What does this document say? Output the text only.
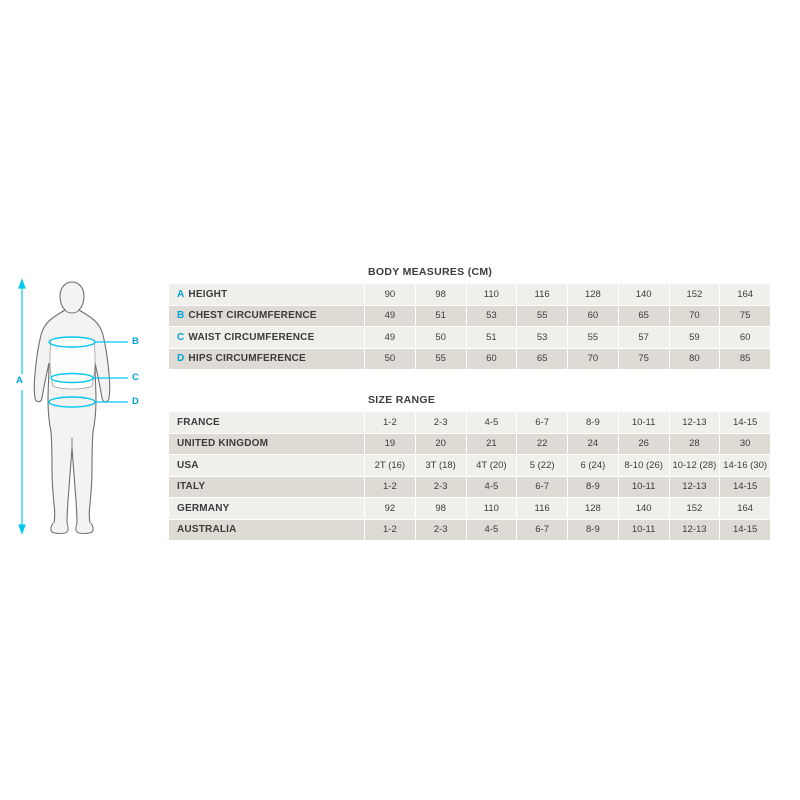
A
B
C
D
BODY MEASURES (CM)
A HEIGHT	90	98	110	116	128	140	152	164
B CHEST CIRCUMFERENCE	49	51	53	55	60	65	70	75
C WAIST CIRCUMFERENCE	49	50	51	53	55	57	59	60
D HIPS CIRCUMFERENCE	50	55	60	65	70	75	80	85
SIZE RANGE
FRANCE	1-2	2-3	4-5	6-7	8-9	10-11	12-13	14-15
UNITED KINGDOM	19	20	21	22	24	26	28	30
USA	2T (16)	3T (18)	4T (20)	5 (22)	6 (24)	8-10 (26)	10-12 (28)	14-16 (30)
ITALY	1-2	2-3	4-5	6-7	8-9	10-11	12-13	14-15
GERMANY	92	98	110	116	128	140	152	164
AUSTRALIA	1-2	2-3	4-5	6-7	8-9	10-11	12-13	14-15
